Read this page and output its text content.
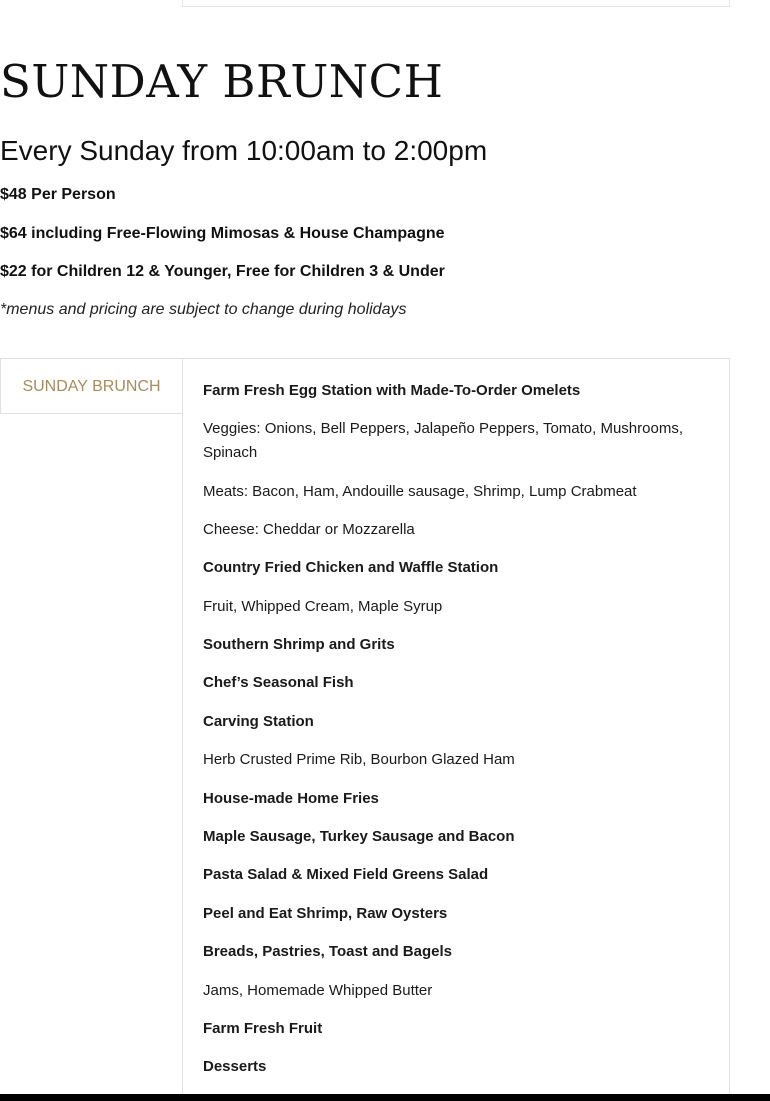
SUNDAY BRUNCH
Every Sunday from 10:00am to 2:00pm

$48 Per Person

$64 including Free-Flowing Mimosas & House Champagne

$22 for Children 12 & Younger, Free for Children 3 & Under

*menus and pricing are subject to change during holidays

SUNDAY BRUNCH	Farm Fresh Egg Station with Made-To-Order Omelets

Veggies: Onions, Bell Peppers, Jalapeño Peppers, Tomato, Mushrooms, Spinach

Meats: Bacon, Ham, Andouille sausage, Shrimp, Lump Crabmeat

Cheese: Cheddar or Mozzarella

Country Fried Chicken and Waffle Station

Fruit, Whipped Cream, Maple Syrup

Southern Shrimp and Grits

Chef’s Seasonal Fish

Carving Station

Herb Crusted Prime Rib, Bourbon Glazed Ham

House-made Home Fries

Maple Sausage, Turkey Sausage and Bacon

Pasta Salad & Mixed Field Greens Salad

Peel and Eat Shrimp, Raw Oysters

Breads, Pastries, Toast and Bagels

Jams, Homemade Whipped Butter

Farm Fresh Fruit

Desserts
